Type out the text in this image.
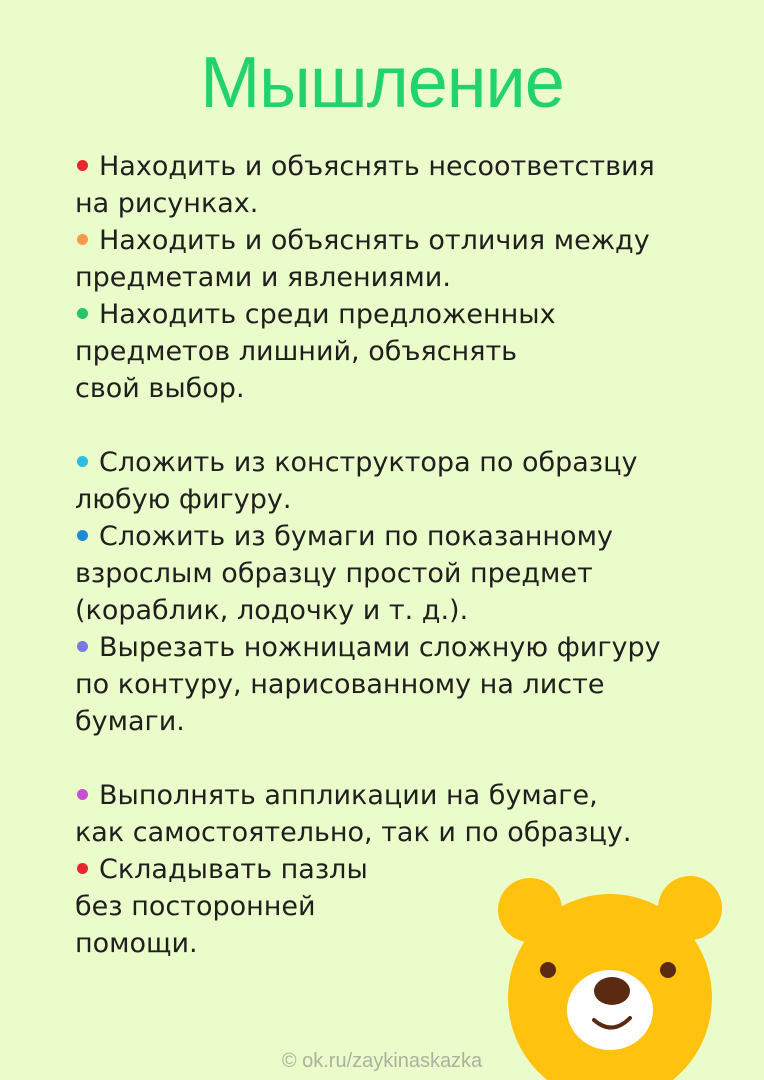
Мышление

Находить и объяснять несоответствия
на рисунках.

Находить и объяснять отличия между
предметами и явлениями.

Находить среди предложенных
предметов лишний, объяснять
свой выбор.

Сложить из конструктора по образцу
любую фигуру.

Сложить из бумаги по показанному
взрослым образцу простой предмет
(кораблик, лодочку и т. д.).

Вырезать ножницами сложную фигуру
по контуру, нарисованному на листе
бумаги.

Выполнять аппликации на бумаге,
как самостоятельно, так и по образцу.

Складывать пазлы
без посторонней
помощи.

© ok.ru/zaykinaskazka
